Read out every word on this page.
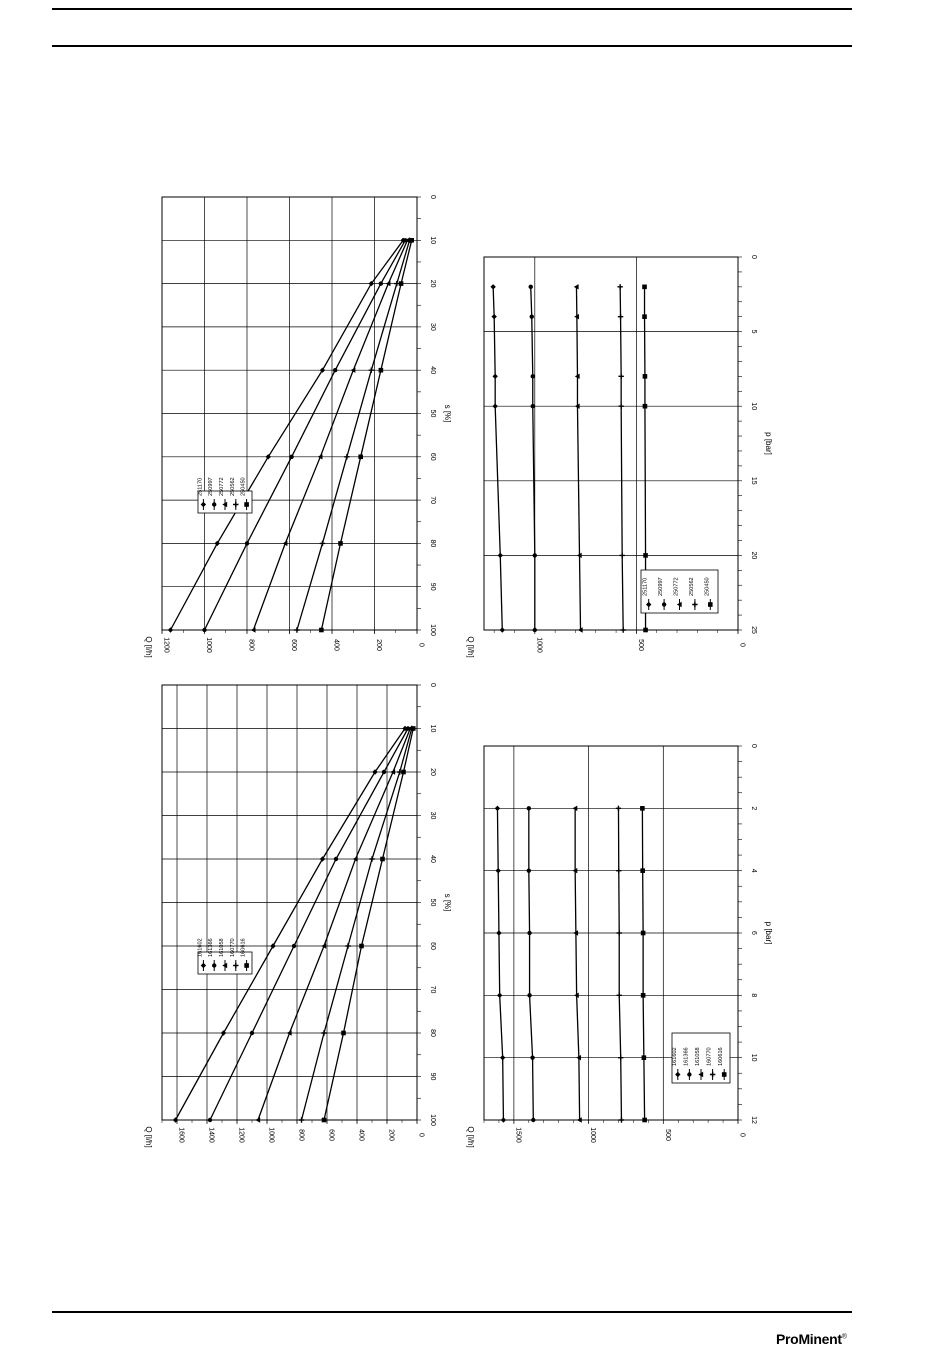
0
10
20
30
40
50
60
70
80
90
100
0
200
400
600
800
1000
1200
s [%]
Q [l/h]
251170 250997 250772 250562 250450
0
5
10
15
20
25
0
500
1000
p [bar]
Q [l/h]
251170 250997 250772 250562 250450
0
10
20
30
40
50
60
70
80
90
100
0
200
400
600
800
1000
1200
1400
1600
s [%]
Q [l/h]
161602 161366 161058 160770 160616
0
2
4
6
8
10
12
0
500
1000
1500
p [bar]
Q [l/h]
161602 161366 161058 160770 160616
ProMinent®
